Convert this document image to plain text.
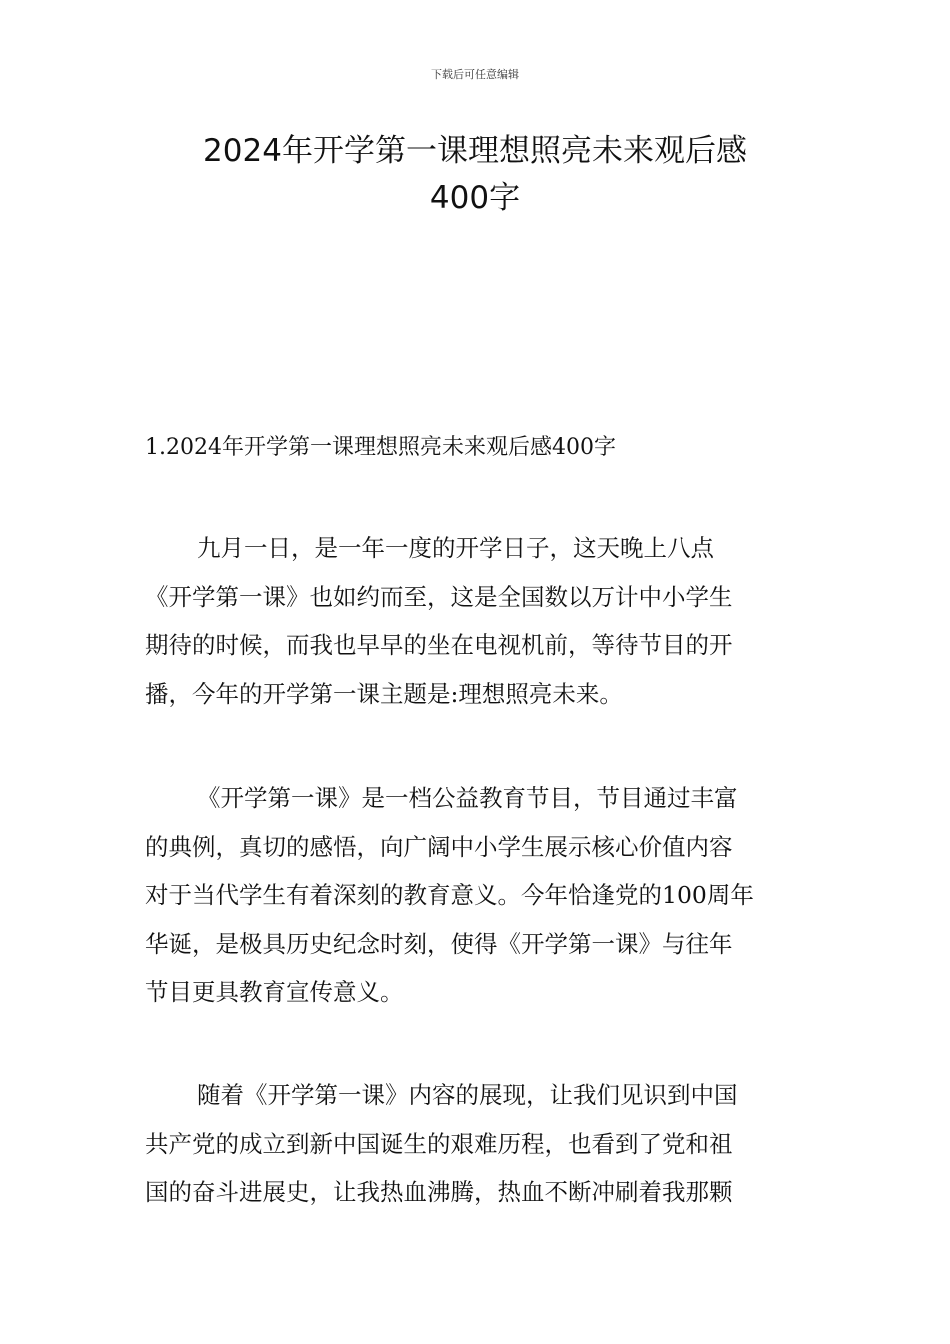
下载后可任意编辑
2024年开学第一课理想照亮未来观后感
400字
1.2024年开学第一课理想照亮未来观后感400字

九月一日，是一年一度的开学日子，这天晚上八点
《开学第一课》也如约而至，这是全国数以万计中小学生
期待的时候，而我也早早的坐在电视机前，等待节目的开
播，今年的开学第一课主题是:理想照亮未来。

《开学第一课》是一档公益教育节目，节目通过丰富
的典例，真切的感悟，向广阔中小学生展示核心价值内容
对于当代学生有着深刻的教育意义。今年恰逢党的100周年
华诞，是极具历史纪念时刻，使得《开学第一课》与往年
节目更具教育宣传意义。

随着《开学第一课》内容的展现，让我们见识到中国
共产党的成立到新中国诞生的艰难历程，也看到了党和祖
国的奋斗进展史，让我热血沸腾，热血不断冲刷着我那颗
